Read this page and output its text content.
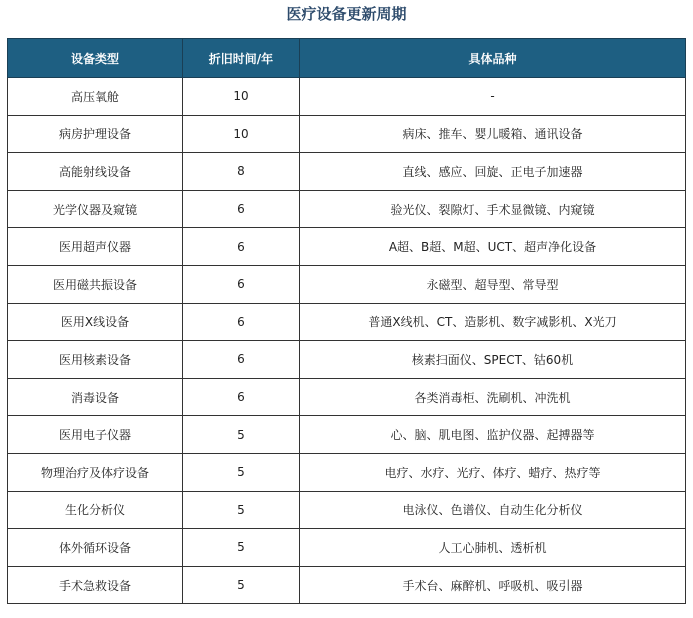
医疗设备更新周期
设备类型	折旧时间/年	具体品种
高压氧舱	10	-
病房护理设备	10	病床、推车、婴儿暖箱、通讯设备
高能射线设备	8	直线、感应、回旋、正电子加速器
光学仪器及窥镜	6	验光仪、裂隙灯、手术显微镜、内窥镜
医用超声仪器	6	A超、B超、M超、UCT、超声净化设备
医用磁共振设备	6	永磁型、超导型、常导型
医用X线设备	6	普通X线机、CT、造影机、数字减影机、X光刀
医用核素设备	6	核素扫面仪、SPECT、钴60机
消毒设备	6	各类消毒柜、洗刷机、冲洗机
医用电子仪器	5	心、脑、肌电图、监护仪器、起搏器等
物理治疗及体疗设备	5	电疗、水疗、光疗、体疗、蜡疗、热疗等
生化分析仪	5	电泳仪、色谱仪、自动生化分析仪
体外循环设备	5	人工心肺机、透析机
手术急救设备	5	手术台、麻醉机、呼吸机、吸引器
